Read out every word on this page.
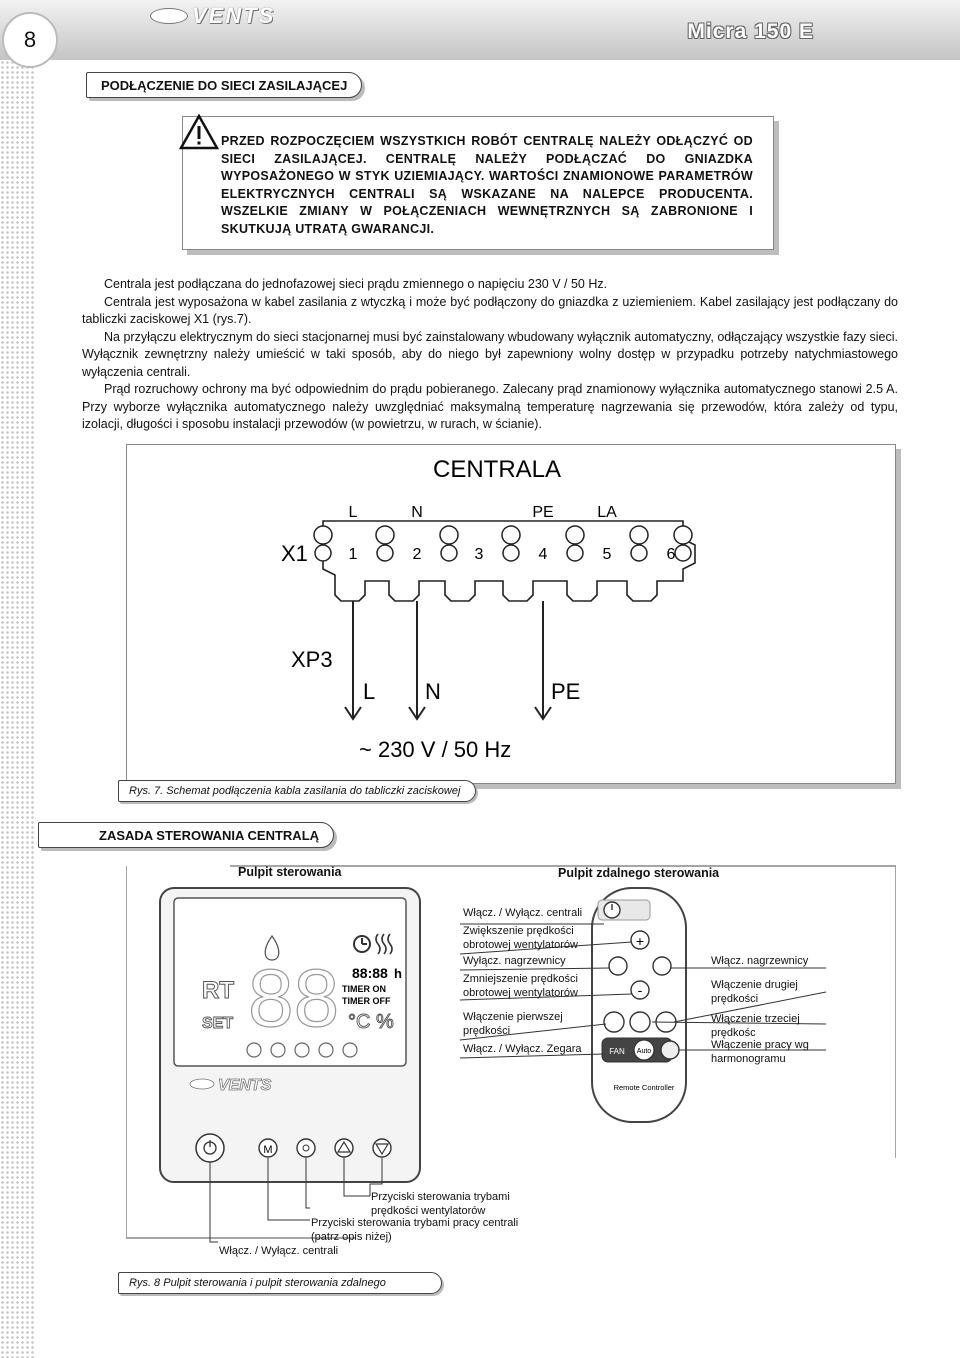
8
VENTS
Micra 150 E
PODŁĄCZENIE DO SIECI ZASILAJĄCEJ
PRZED ROZPOCZĘCIEM WSZYSTKICH ROBÓT CENTRALĘ NALEŻY ODŁĄCZYĆ OD SIECI ZASILAJĄCEJ. CENTRALĘ NALEŻY PODŁĄCZAĆ DO GNIAZDKA WYPOSAŻONEGO W STYK UZIEMIAJĄCY. WARTOŚCI ZNAMIONOWE PARAMETRÓW ELEKTRYCZNYCH CENTRALI SĄ WSKAZANE NA NALEPCE PRODUCENTA. WSZELKIE ZMIANY W POŁĄCZENIACH WEWNĘTRZNYCH SĄ ZABRONIONE I SKUTKUJĄ UTRATĄ GWARANCJI.

Centrala jest podłączana do jednofazowej sieci prądu zmiennego o napięciu 230 V / 50 Hz.

Centrala jest wyposażona w kabel zasilania z wtyczką i może być podłączony do gniazdka z uziemieniem. Kabel zasilający jest podłączany do tabliczki zaciskowej X1 (rys.7).

Na przyłączu elektrycznym do sieci stacjonarnej musi być zainstalowany wbudowany wyłącznik automatyczny, odłączający wszystkie fazy sieci. Wyłącznik zewnętrzny należy umieścić w taki sposób, aby do niego był zapewniony wolny dostęp w przypadku potrzeby natychmiastowego wyłączenia centrali.

Prąd rozruchowy ochrony ma być odpowiednim do prądu pobieranego. Zalecany prąd znamionowy wyłącznika automatycznego stanowi 2.5 A. Przy wyborze wyłącznika automatycznego należy uwzględniać maksymalną temperaturę nagrzewania się przewodów, która zależy od typu, izolacji, długości i sposobu instalacji przewodów (w powietrzu, w rurach, w ścianie).

CENTRALA
X1
L	N	PE	LA
1	2	3	4	5	6
XP3
L N	PE
~ 230 V / 50 Hz
Rys. 7. Schemat podłączenia kabla zasilania do tabliczki zaciskowej
ZASADA STEROWANIA CENTRALĄ
RT
SET 88 88:88 h
TIMER ON
TIMER OFF
°C %
VENTS
M
+
-
FAN Auto
Remote Controller
Pulpit sterowania	Pulpit zdalnego sterowania
Włącz. / Wyłącz. centrali
Zwiększenie prędkości
obrotowej wentylatorów
Wyłącz. nagrzewnicy
Zmniejszenie prędkości
obrotowej wentylatorów
Włączenie pierwszej
prędkości
Włącz. / Wyłącz. Zegara
Włącz. nagrzewnicy
Włączenie drugiej
prędkości
Włączenie trzeciej
prędkośc
Włączenie pracy wg
harmonogramu
Przyciski sterowania trybami
prędkości wentylatorów
Przyciski sterowania trybami pracy centrali
(patrz opis niżej)
Włącz. / Wyłącz. centrali
Rys. 8 Pulpit sterowania i pulpit sterowania zdalnego
